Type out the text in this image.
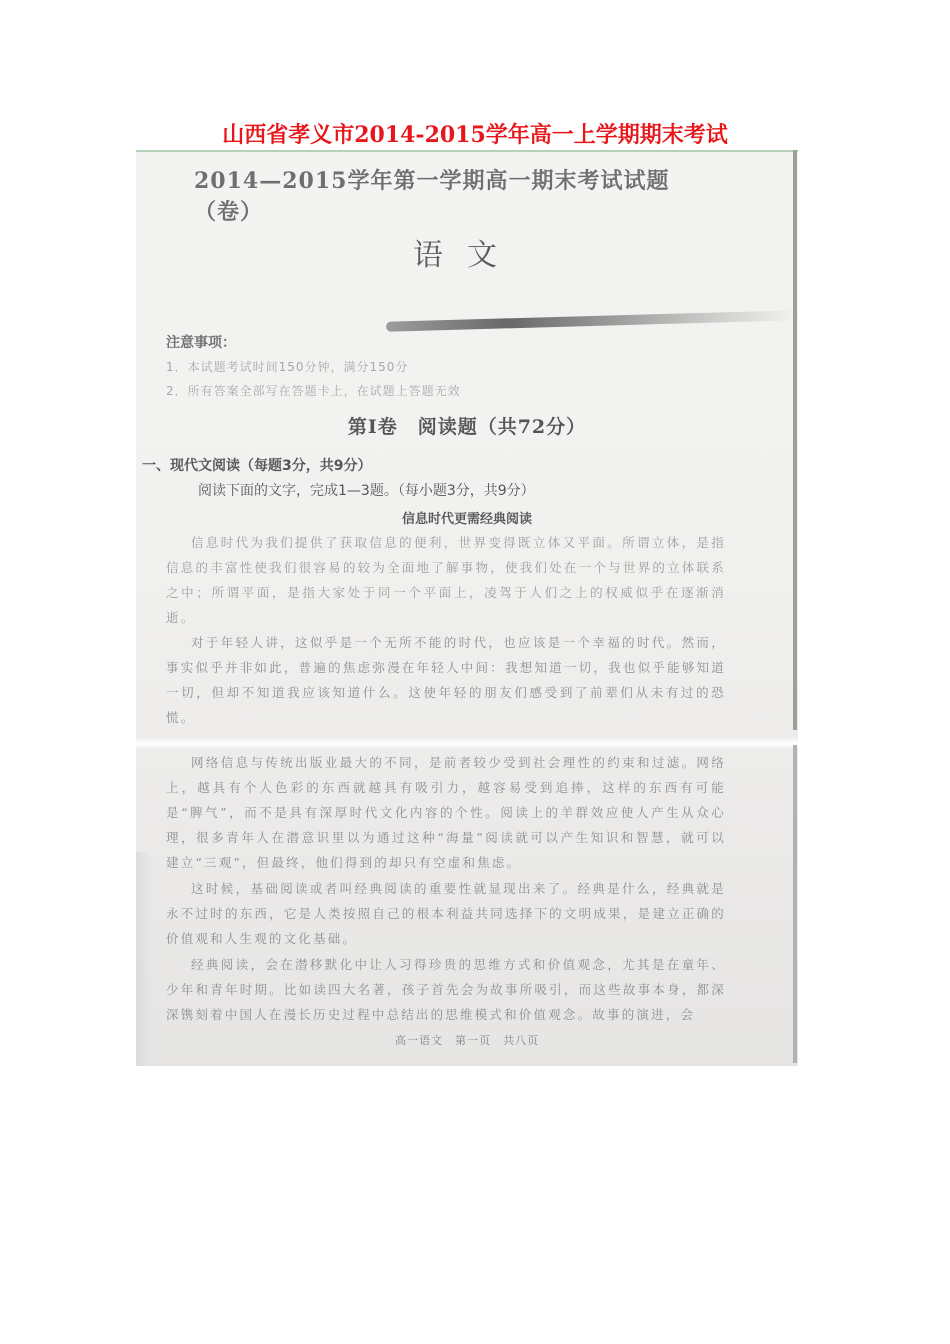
山西省孝义市2014-2015学年高一上学期期末考试
2014—2015学年第一学期高一期末考试试题（卷）
语文
注意事项：
1．本试题考试时间150分钟，满分150分
2．所有答案全部写在答题卡上，在试题上答题无效
第Ⅰ卷　阅读题（共72分）
一、现代文阅读（每题3分，共9分）
阅读下面的文字，完成1—3题。（每小题3分，共9分）
信息时代更需经典阅读
信息时代为我们提供了获取信息的便利，世界变得既立体又平面。所谓立体，是指信息的丰富性使我们很容易的较为全面地了解事物，使我们处在一个与世界的立体联系之中；所谓平面，是指大家处于同一个平面上，凌驾于人们之上的权威似乎在逐渐消逝。
对于年轻人讲，这似乎是一个无所不能的时代，也应该是一个幸福的时代。然而，事实似乎并非如此，普遍的焦虑弥漫在年轻人中间：我想知道一切，我也似乎能够知道一切，但却不知道我应该知道什么。这使年轻的朋友们感受到了前辈们从未有过的恐慌。
网络信息与传统出版业最大的不同，是前者较少受到社会理性的约束和过滤。网络上，越具有个人色彩的东西就越具有吸引力，越容易受到追捧，这样的东西有可能是“脾气”，而不是具有深厚时代文化内容的个性。阅读上的羊群效应使人产生从众心理，很多青年人在潜意识里以为通过这种“海量”阅读就可以产生知识和智慧，就可以建立“三观”，但最终，他们得到的却只有空虚和焦虑。
这时候，基础阅读或者叫经典阅读的重要性就显现出来了。经典是什么，经典就是永不过时的东西，它是人类按照自己的根本利益共同选择下的文明成果，是建立正确的价值观和人生观的文化基础。
经典阅读，会在潜移默化中让人习得珍贵的思维方式和价值观念，尤其是在童年、少年和青年时期。比如读四大名著，孩子首先会为故事所吸引，而这些故事本身，都深深镌刻着中国人在漫长历史过程中总结出的思维模式和价值观念。故事的演进，会
高一语文　第一页　共八页
